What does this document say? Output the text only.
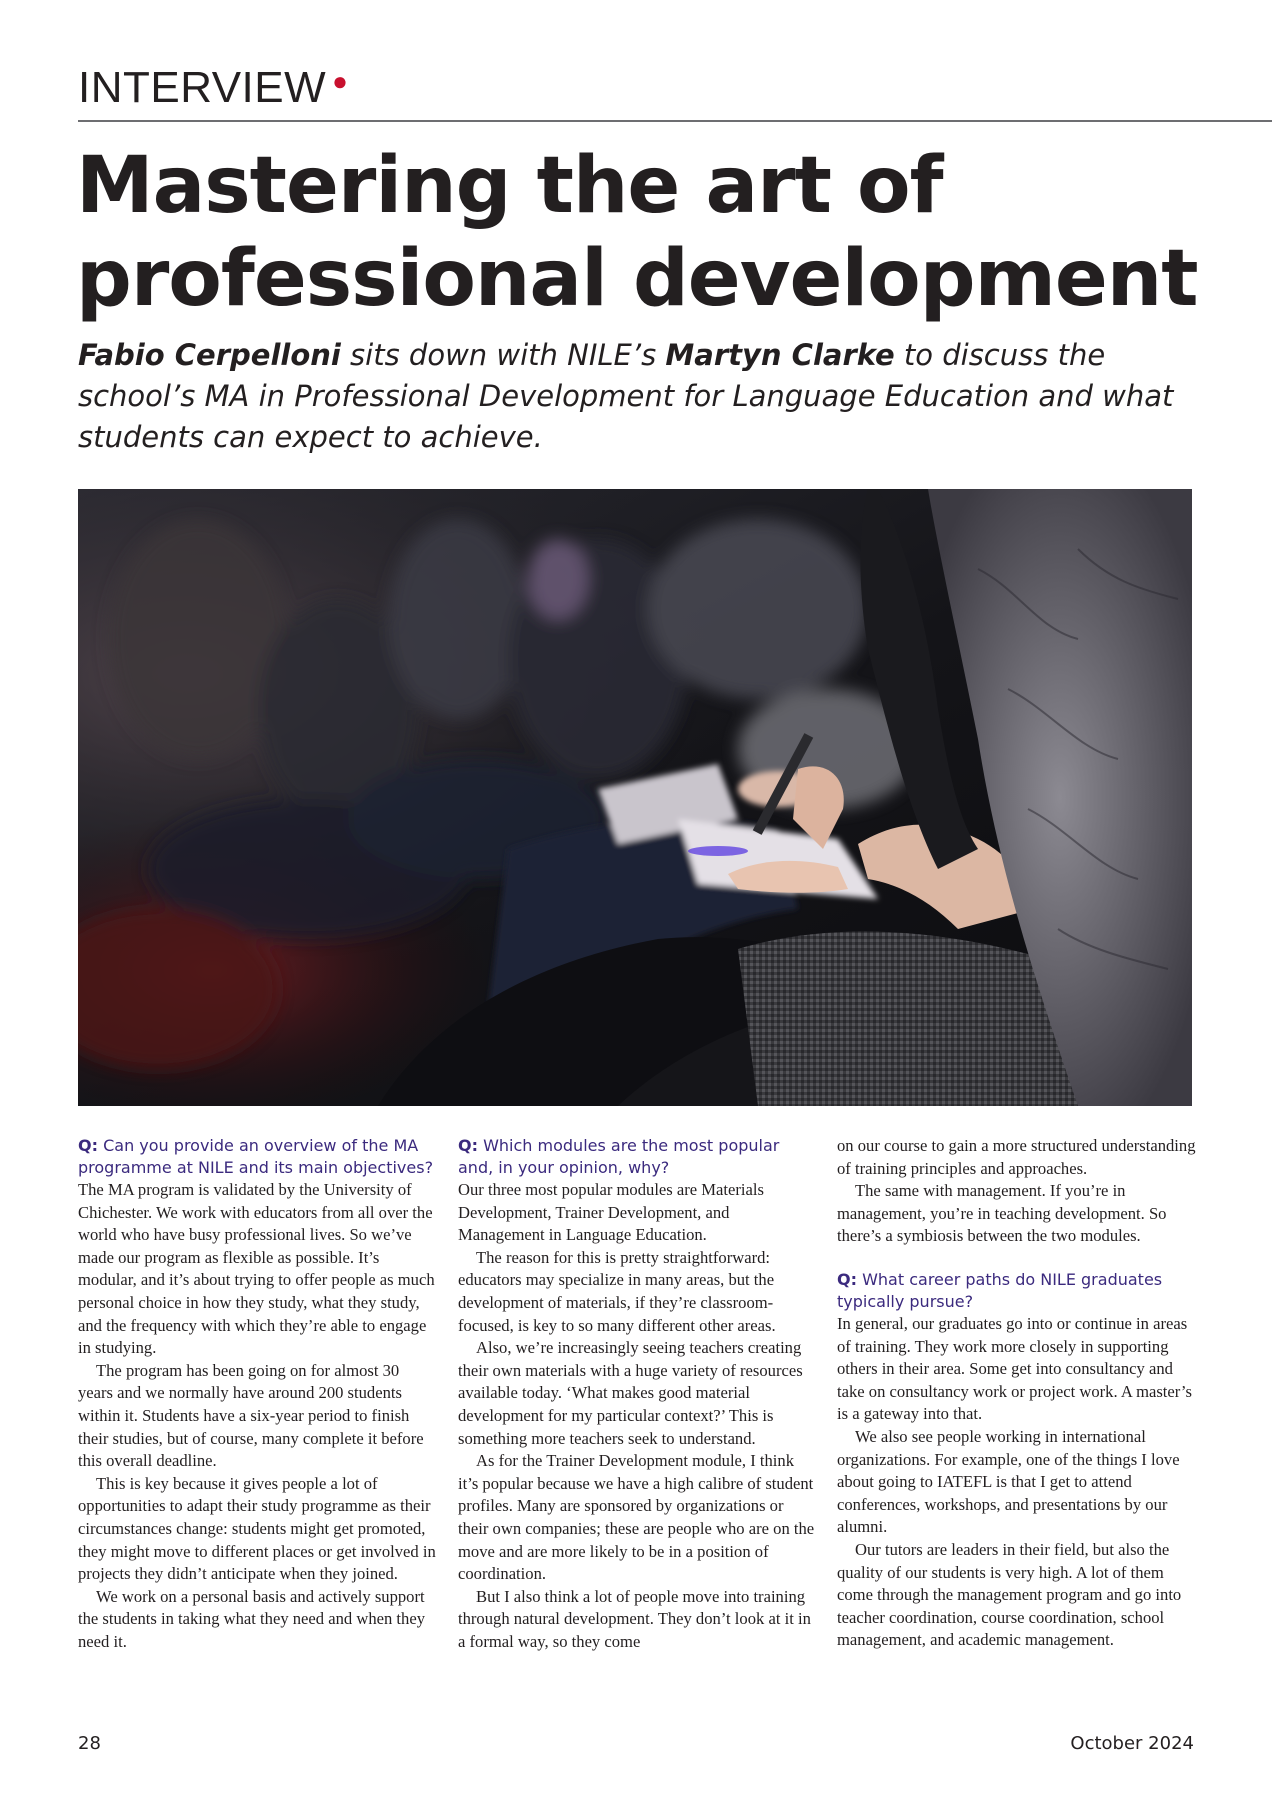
INTERVIEW ●
Mastering the art of
professional development
Fabio Cerpelloni sits down with NILE’s Martyn Clarke to discuss the school’s MA in Professional Development for Language Education and what students can expect to achieve.

Q: Can you provide an overview of the MA programme at NILE and its main objectives?

The MA program is validated by the University of Chichester. We work with educators from all over the world who have busy professional lives. So we’ve made our program as flexible as possible. It’s modular, and it’s about trying to offer people as much personal choice in how they study, what they study, and the frequency with which they’re able to engage in studying.

The program has been going on for almost 30 years and we normally have around 200 students within it. Students have a six-year period to finish their studies, but of course, many complete it before this overall deadline.

This is key because it gives people a lot of opportunities to adapt their study programme as their circumstances change: students might get promoted, they might move to different places or get involved in projects they didn’t anticipate when they joined.

We work on a personal basis and actively support the students in taking what they need and when they need it.

Q: Which modules are the most popular and, in your opinion, why?

Our three most popular modules are Materials Development, Trainer Development, and Management in Language Education.

The reason for this is pretty straightforward: educators may specialize in many areas, but the development of materials, if they’re classroom-focused, is key to so many different other areas.

Also, we’re increasingly seeing teachers creating their own materials with a huge variety of resources available today. ‘What makes good material development for my particular context?’ This is something more teachers seek to understand.

As for the Trainer Development module, I think it’s popular because we have a high calibre of student profiles. Many are sponsored by organizations or their own companies; these are people who are on the move and are more likely to be in a position of coordination.

But I also think a lot of people move into training through natural development. They don’t look at it in a formal way, so they come

on our course to gain a more structured understanding of training principles and approaches.

The same with management. If you’re in management, you’re in teaching development. So there’s a symbiosis between the two modules.

Q: What career paths do NILE graduates typically pursue?

In general, our graduates go into or continue in areas of training. They work more closely in supporting others in their area. Some get into consultancy and take on consultancy work or project work. A master’s is a gateway into that.

We also see people working in international organizations. For example, one of the things I love about going to IATEFL is that I get to attend conferences, workshops, and presentations by our alumni.

Our tutors are leaders in their field, but also the quality of our students is very high. A lot of them come through the management program and go into teacher coordination, course coordination, school management, and academic management.

28	October 2024
